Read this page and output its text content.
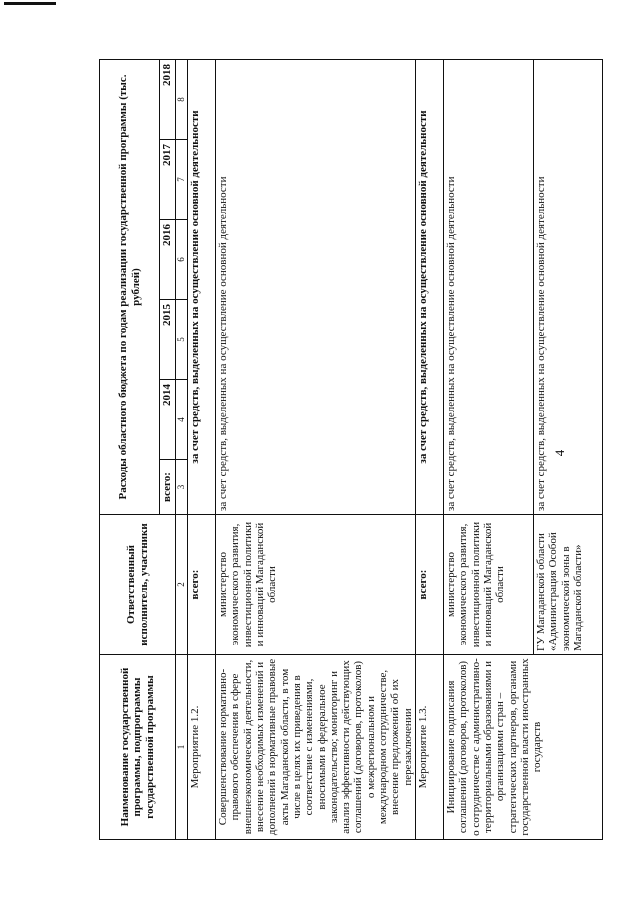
4
Наименование государственной программы, подпрограммы государственной программы	Ответственный исполнитель, участники	Расходы областного бюджета по годам реализации государственной программы (тыс. рублей)					
		всего:	2014	2015	2016	2017	2018
1	2	3	4	5	6	7	8
Мероприятие 1.2.	всего:	за счет средств, выделенных на осуществление основной деятельности					
Совершенствование нормативно-правового обеспечения в сфере внешнеэкономической деятельности, внесение необходимых изменений и дополнений в нормативные правовые акты Магаданской области, в том числе в целях их приведения в соответствие с изменениями, вносимыми в федеральное законодательство; мониторинг и анализ эффективности действующих соглашений (договоров, протоколов) о межрегиональном и международном сотрудничестве, внесение предложений об их перезаключении	министерство экономического развития, инвестиционной политики и инноваций Магаданской области	за счет средств, выделенных на осуществление основной деятельности					
Мероприятие 1.3.	всего:	за счет средств, выделенных на осуществление основной деятельности					
Инициирование подписания соглашений (договоров, протоколов) о сотрудничестве с административно-территориальными образованиями и организациями стран – стратегических партнеров, органами государственной власти иностранных государств	министерство экономического развития, инвестиционной политики и инноваций Магаданской области	за счет средств, выделенных на осуществление основной деятельности					
	ГУ Магаданской области «Администрация Особой экономической зоны в Магаданской области»	за счет средств, выделенных на осуществление основной деятельности					
